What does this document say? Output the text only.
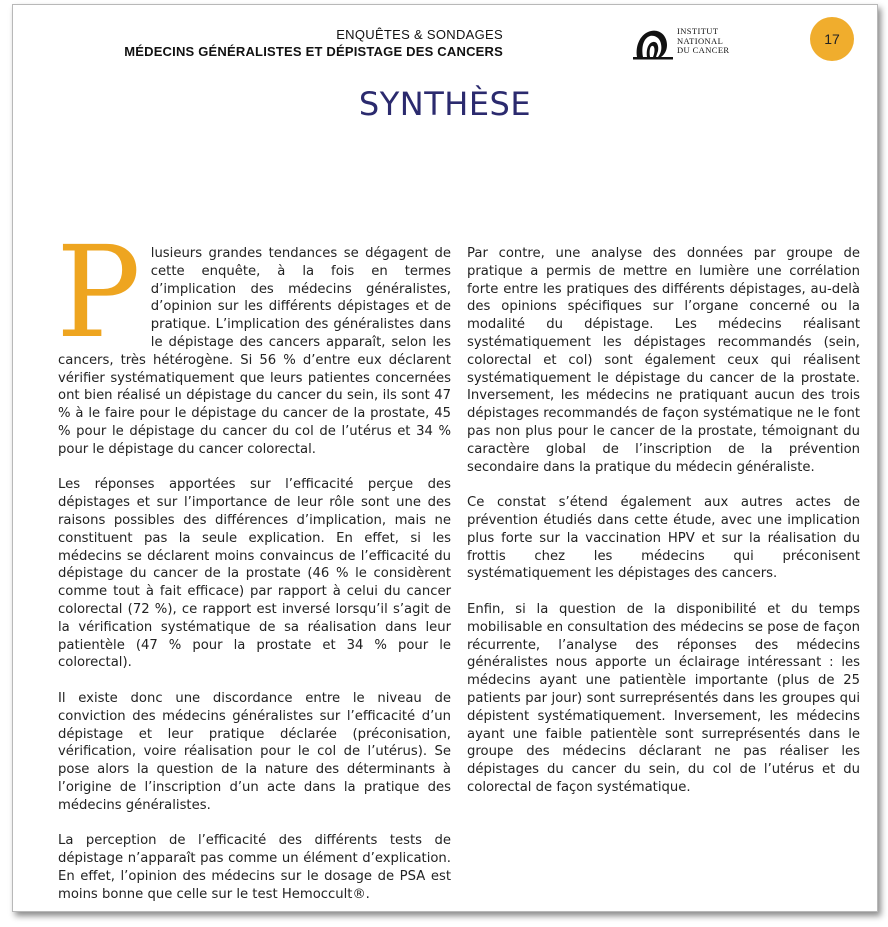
ENQUÊTES & SONDAGES
MÉDECINS GÉNÉRALISTES ET DÉPISTAGE DES CANCERS
INSTITUT
NATIONAL
DU CANCER
17
SYNTHÈSE

Plusieurs grandes tendances se dégagent de cette enquête, à la fois en termes d’implication des médecins généralistes, d’opinion sur les différents dépistages et de pratique. L’implication des généralistes dans le dépistage des cancers apparaît, selon les cancers, très hétérogène. Si 56 % d’entre eux déclarent vérifier systématiquement que leurs patientes concernées ont bien réalisé un dépistage du cancer du sein, ils sont 47 % à le faire pour le dépistage du cancer de la prostate, 45 % pour le dépistage du cancer du col de l’utérus et 34 % pour le dépistage du cancer colorectal.

Les réponses apportées sur l’efficacité perçue des dépistages et sur l’importance de leur rôle sont une des raisons possibles des différences d’implication, mais ne constituent pas la seule explication. En effet, si les médecins se déclarent moins convaincus de l’efficacité du dépistage du cancer de la prostate (46 % le considèrent comme tout à fait efficace) par rapport à celui du cancer colorectal (72 %), ce rapport est inversé lorsqu’il s’agit de la vérification systématique de sa réalisation dans leur patientèle (47 % pour la prostate et 34 % pour le colorectal).

Il existe donc une discordance entre le niveau de conviction des médecins généralistes sur l’efficacité d’un dépistage et leur pratique déclarée (préconisation, vérification, voire réalisation pour le col de l’utérus). Se pose alors la question de la nature des déterminants à l’origine de l’inscription d’un acte dans la pratique des médecins généralistes.

La perception de l’efficacité des différents tests de dépistage n’apparaît pas comme un élément d’explication. En effet, l’opinion des médecins sur le dosage de PSA est moins bonne que celle sur le test Hemoccult®.

Par contre, une analyse des données par groupe de pratique a permis de mettre en lumière une corrélation forte entre les pratiques des différents dépistages, au-delà des opinions spécifiques sur l’organe concerné ou la modalité du dépistage. Les médecins réalisant systématiquement les dépistages recommandés (sein, colorectal et col) sont également ceux qui réalisent systématiquement le dépistage du cancer de la prostate. Inversement, les médecins ne pratiquant aucun des trois dépistages recommandés de façon systématique ne le font pas non plus pour le cancer de la prostate, témoignant du caractère global de l’inscription de la prévention secondaire dans la pratique du médecin généraliste.

Ce constat s’étend également aux autres actes de prévention étudiés dans cette étude, avec une implication plus forte sur la vaccination HPV et sur la réalisation du frottis chez les médecins qui préconisent systématiquement les dépistages des cancers.

Enfin, si la question de la disponibilité et du temps mobilisable en consultation des médecins se pose de façon récurrente, l’analyse des réponses des médecins généralistes nous apporte un éclairage intéressant : les médecins ayant une patientèle importante (plus de 25 patients par jour) sont surreprésentés dans les groupes qui dépistent systématiquement. Inversement, les médecins ayant une faible patientèle sont surreprésentés dans le groupe des médecins déclarant ne pas réaliser les dépistages du cancer du sein, du col de l’utérus et du colorectal de façon systématique.
